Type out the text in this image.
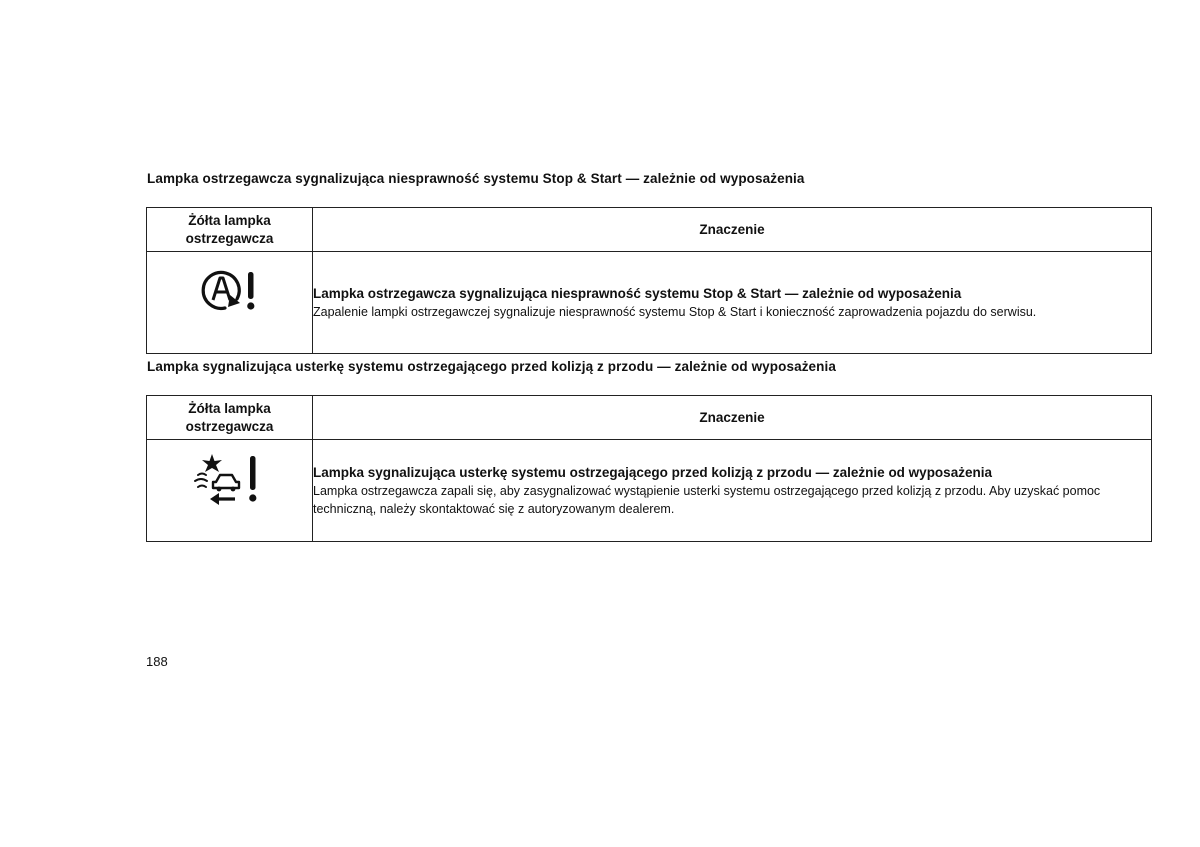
Lampka ostrzegawcza sygnalizująca niesprawność systemu Stop & Start — zależnie od wyposażenia
Żółta lampka ostrzegawcza	Znaczenie

Lampka ostrzegawcza sygnalizująca niesprawność systemu Stop & Start — zależnie od wyposażenia
Zapalenie lampki ostrzegawczej sygnalizuje niesprawność systemu Stop & Start i konieczność zaprowadzenia pojazdu do serwisu.
Lampka sygnalizująca usterkę systemu ostrzegającego przed kolizją z przodu — zależnie od wyposażenia
Żółta lampka ostrzegawcza	Znaczenie

Lampka sygnalizująca usterkę systemu ostrzegającego przed kolizją z przodu — zależnie od wyposażenia
Lampka ostrzegawcza zapali się, aby zasygnalizować wystąpienie usterki systemu ostrzegającego przed kolizją z przodu. Aby uzyskać pomoc techniczną, należy skontaktować się z autoryzowanym dealerem.
188
